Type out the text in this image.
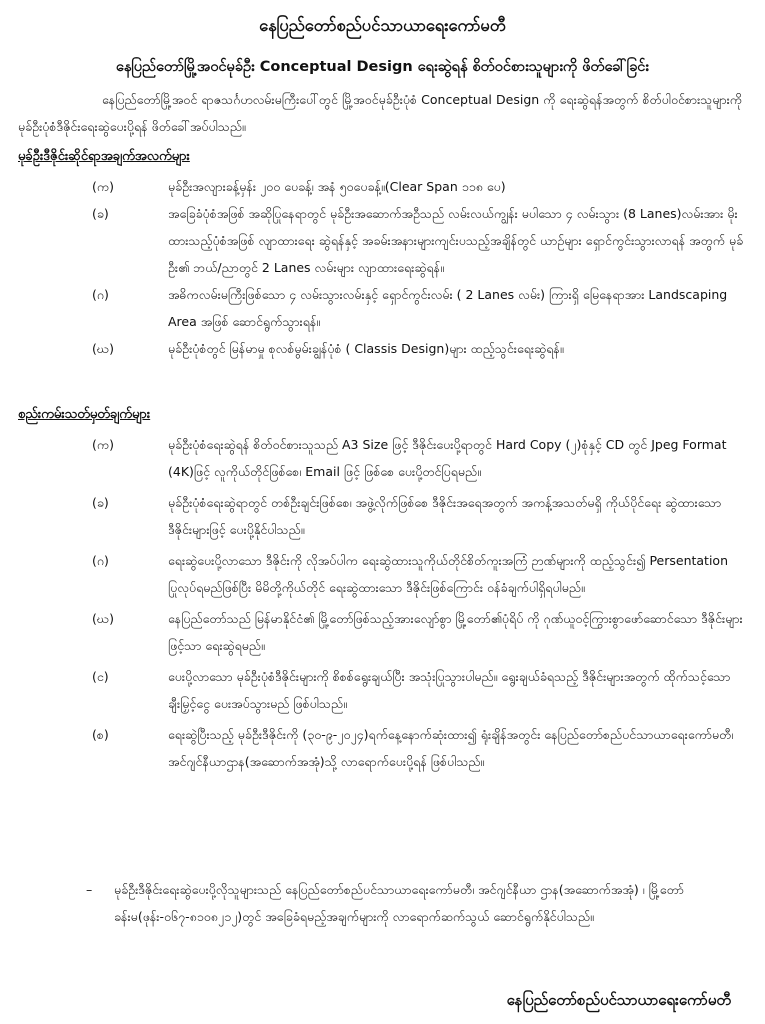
နေပြည်တော်စည်ပင်သာယာရေးကော်မတီ
နေပြည်တော်မြို့အဝင်မုခ်ဦး Conceptual Design ရေးဆွဲရန် စိတ်ဝင်စားသူများကို ဖိတ်ခေါ်ခြင်း

နေပြည်တော်မြို့အဝင် ရာဇသင်္ဂဟလမ်းမကြီးပေါ်တွင် မြို့အဝင်မုခ်ဦးပုံစံ Conceptual Design ကို ရေးဆွဲရန်အတွက် စိတ်ပါဝင်စားသူများကို မုခ်ဦးပုံစံဒီဇိုင်းရေးဆွဲပေးပို့ရန် ဖိတ်ခေါ်အပ်ပါသည်။

မုခ်ဦးဒီဇိုင်းဆိုင်ရာအချက်အလက်များ
(က)	မုခ်ဦးအလျားခန့်မှန်း ၂၀၀ ပေခန့်၊ အနံ ၅၀ပေခန့်။(Clear Span ၁၁၈ ပေ)
(ခ)	အခြေခံပုံစံအဖြစ် အဆိုပြုနေရာတွင် မုခ်ဦးအဆောက်အဦသည် လမ်းလယ်ကျွန်း မပါသော ၄ လမ်းသွား (8 Lanes)လမ်းအား မိုးထားသည့်ပုံစံအဖြစ် လျာထားရေး ဆွဲရန်နှင့် အခမ်းအနားများကျင်းပသည့်အချိန်တွင် ယာဉ်များ ရှောင်ကွင်းသွားလာရန် အတွက် မုခ်ဦး၏ ဘယ်/ညာတွင် 2 Lanes လမ်းများ လျာထားရေးဆွဲရန်။
(ဂ)	အဓိကလမ်းမကြီးဖြစ်သော ၄ လမ်းသွားလမ်းနှင့် ရှောင်ကွင်းလမ်း ( 2 Lanes လမ်း) ကြားရှိ မြေနေရာအား Landscaping Area အဖြစ် ဆောင်ရွက်သွားရန်။
(ဃ)	မုခ်ဦးပုံစံတွင် မြန်မာမှု စုလစ်မွမ်းချွန်ပုံစံ ( Classis Design)များ ထည့်သွင်းရေးဆွဲရန်။
စည်းကမ်းသတ်မှတ်ချက်များ
(က)	မုခ်ဦးပုံစံရေးဆွဲရန် စိတ်ဝင်စားသူသည် A3 Size ဖြင့် ဒီဇိုင်းပေးပို့ရာတွင် Hard Copy (၂)စုံနှင့် CD တွင် Jpeg Format (4K)ဖြင့် လူကိုယ်တိုင်ဖြစ်စေ၊ Email ဖြင့် ဖြစ်စေ ပေးပို့တင်ပြရမည်။
(ခ)	မုခ်ဦးပုံစံရေးဆွဲရာတွင် တစ်ဦးချင်းဖြစ်စေ၊ အဖွဲ့လိုက်ဖြစ်စေ ဒီဇိုင်းအရေအတွက် အကန့်အသတ်မရှိ ကိုယ်ပိုင်ရေး ဆွဲထားသော ဒီဇိုင်းများဖြင့် ပေးပို့နိုင်ပါသည်။
(ဂ)	ရေးဆွဲပေးပို့လာသော ဒီဇိုင်းကို လိုအပ်ပါက ရေးဆွဲထားသူကိုယ်တိုင်စိတ်ကူးအကြံ ဉာဏ်များကို ထည့်သွင်း၍ Persentation ပြုလုပ်ရမည်ဖြစ်ပြီး မိမိတို့ကိုယ်တိုင် ရေးဆွဲထားသော ဒီဇိုင်းဖြစ်ကြောင်း ဝန်ခံချက်ပါရှိရပါမည်။
(ဃ)	နေပြည်တော်သည် မြန်မာနိုင်ငံ၏ မြို့တော်ဖြစ်သည့်အားလျော်စွာ မြို့တော်၏ပုံရိပ် ကို ဂုဏ်ယူဝင့်ကြွားစွာဖော်ဆောင်သော ဒီဇိုင်းများဖြင့်သာ ရေးဆွဲရမည်။
(င)	ပေးပို့လာသော မုခ်ဦးပုံစံဒီဇိုင်းများကို စိစစ်ရွေးချယ်ပြီး အသုံးပြုသွားပါမည်။ ရွေးချယ်ခံရသည့် ဒီဇိုင်းများအတွက် ထိုက်သင့်သောချီးမြှင့်ငွေ ပေးအပ်သွားမည် ဖြစ်ပါသည်။
(စ)	ရေးဆွဲပြီးသည့် မုခ်ဦးဒီဇိုင်းကို (၃၀-၉-၂၀၂၄)ရက်နေ့နောက်ဆုံးထား၍ ရုံးချိန်အတွင်း နေပြည်တော်စည်ပင်သာယာရေးကော်မတီ၊ အင်ဂျင်နီယာဌာန(အဆောက်အအုံ)သို့ လာရောက်ပေးပို့ရန် ဖြစ်ပါသည်။
– မုခ်ဦးဒီဇိုင်းရေးဆွဲပေးပို့လိုသူများသည် နေပြည်တော်စည်ပင်သာယာရေးကော်မတီ၊ အင်ဂျင်နီယာ ဌာန(အဆောက်အအုံ) ၊ မြို့တော်ခန်းမ(ဖုန်း-၀၆၇-၈၁၀၈၂၁၂)တွင် အခြေခံရမည့်အချက်များကို လာရောက်ဆက်သွယ် ဆောင်ရွက်နိုင်ပါသည်။
နေပြည်တော်စည်ပင်သာယာရေးကော်မတီ
